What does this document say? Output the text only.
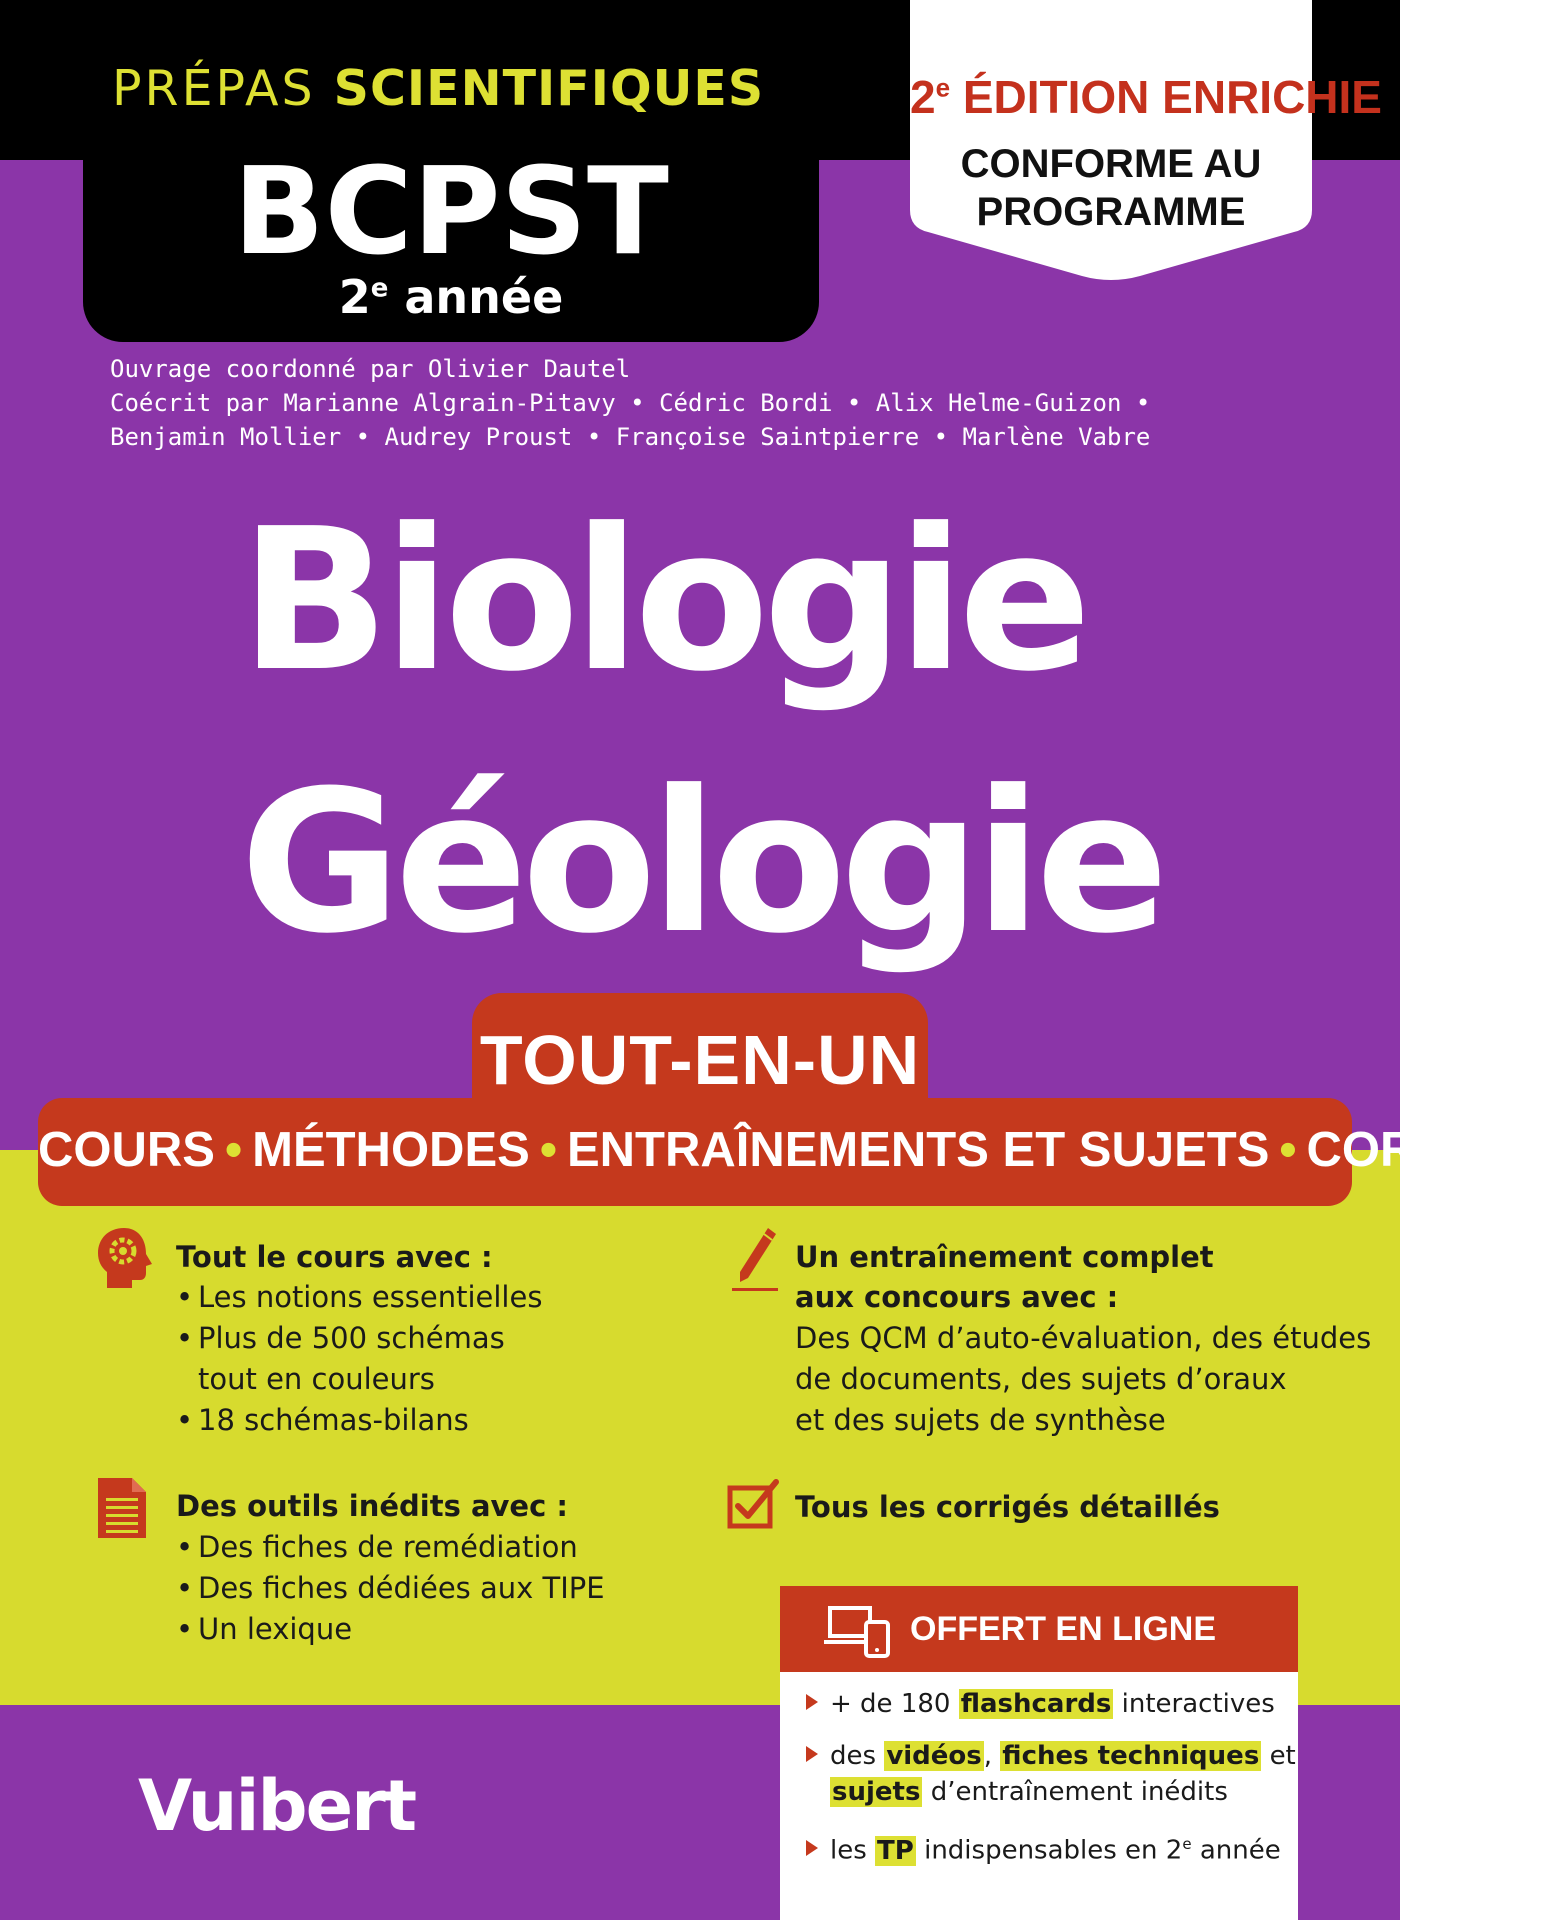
PRÉPAS SCIENTIFIQUES
BCPST
2e année
2e ÉDITION ENRICHIE
CONFORME AU
PROGRAMME
Ouvrage coordonné par Olivier Dautel
Coécrit par Marianne Algrain-Pitavy • Cédric Bordi • Alix Helme-Guizon •
Benjamin Mollier • Audrey Proust • Françoise Saintpierre • Marlène Vabre
Biologie
Géologie
TOUT-EN-UN
COURS • MÉTHODES • ENTRAÎNEMENTS ET SUJETS • CORRIGÉS
Tout le cours avec :
• Les notions essentielles
• Plus de 500 schémas
tout en couleurs
• 18 schémas-bilans
Des outils inédits avec :
• Des fiches de remédiation
• Des fiches dédiées aux TIPE
• Un lexique
Un entraînement complet
aux concours avec :
Des QCM d’auto-évaluation, des études
de documents, des sujets d’oraux
et des sujets de synthèse
Tous les corrigés détaillés
OFFERT EN LIGNE
+ de 180 flashcards interactives
des vidéos, fiches techniques et
sujets d’entraînement inédits
les TP indispensables en 2e année
Vuibert
